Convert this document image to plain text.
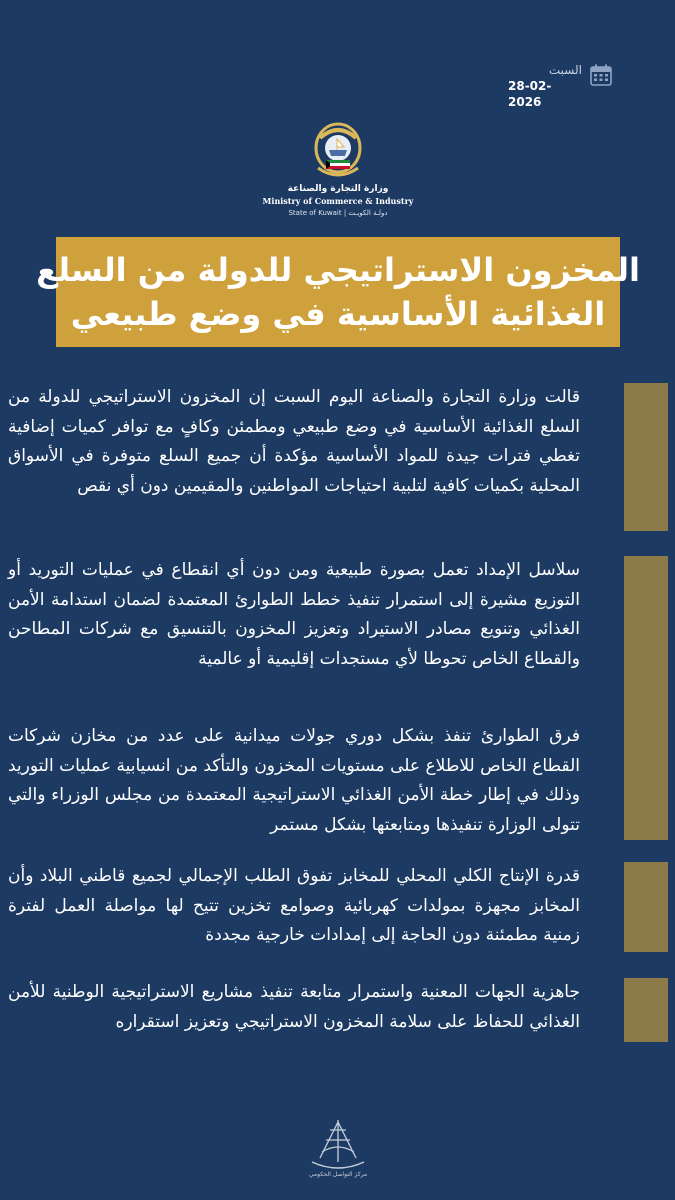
السبت
28-02-2026
وزارة التجارة والصناعة
Ministry of Commerce & Industry
State of Kuwait | دولـة الكويـت
المخزون الاستراتيجي للدولة من السلع
الغذائية الأساسية في وضع طبيعي
قالت وزارة التجارة والصناعة اليوم السبت إن المخزون الاستراتيجي للدولة من السلع الغذائية الأساسية في وضع طبيعي ومطمئن وكافٍ مع توافر كميات إضافية تغطي فترات جيدة للمواد الأساسية مؤكدة أن جميع السلع متوفرة في الأسواق المحلية بكميات كافية لتلبية احتياجات المواطنين والمقيمين دون أي نقص
سلاسل الإمداد تعمل بصورة طبيعية ومن دون أي انقطاع في عمليات التوريد أو التوزيع مشيرة إلى استمرار تنفيذ خطط الطوارئ المعتمدة لضمان استدامة الأمن الغذائي وتنويع مصادر الاستيراد وتعزيز المخزون بالتنسيق مع شركات المطاحن والقطاع الخاص تحوطا لأي مستجدات إقليمية أو عالمية
فرق الطوارئ تنفذ بشكل دوري جولات ميدانية على عدد من مخازن شركات القطاع الخاص للاطلاع على مستويات المخزون والتأكد من انسيابية عمليات التوريد وذلك في إطار خطة الأمن الغذائي الاستراتيجية المعتمدة من مجلس الوزراء والتي تتولى الوزارة تنفيذها ومتابعتها بشكل مستمر
قدرة الإنتاج الكلي المحلي للمخابز تفوق الطلب الإجمالي لجميع قاطني البلاد وأن المخابز مجهزة بمولدات كهربائية وصوامع تخزين تتيح لها مواصلة العمل لفترة زمنية مطمئنة دون الحاجة إلى إمدادات خارجية مجددة
جاهزية الجهات المعنية واستمرار متابعة تنفيذ مشاريع الاستراتيجية الوطنية للأمن الغذائي للحفاظ على سلامة المخزون الاستراتيجي وتعزيز استقراره
مركز التواصل الحكومي
